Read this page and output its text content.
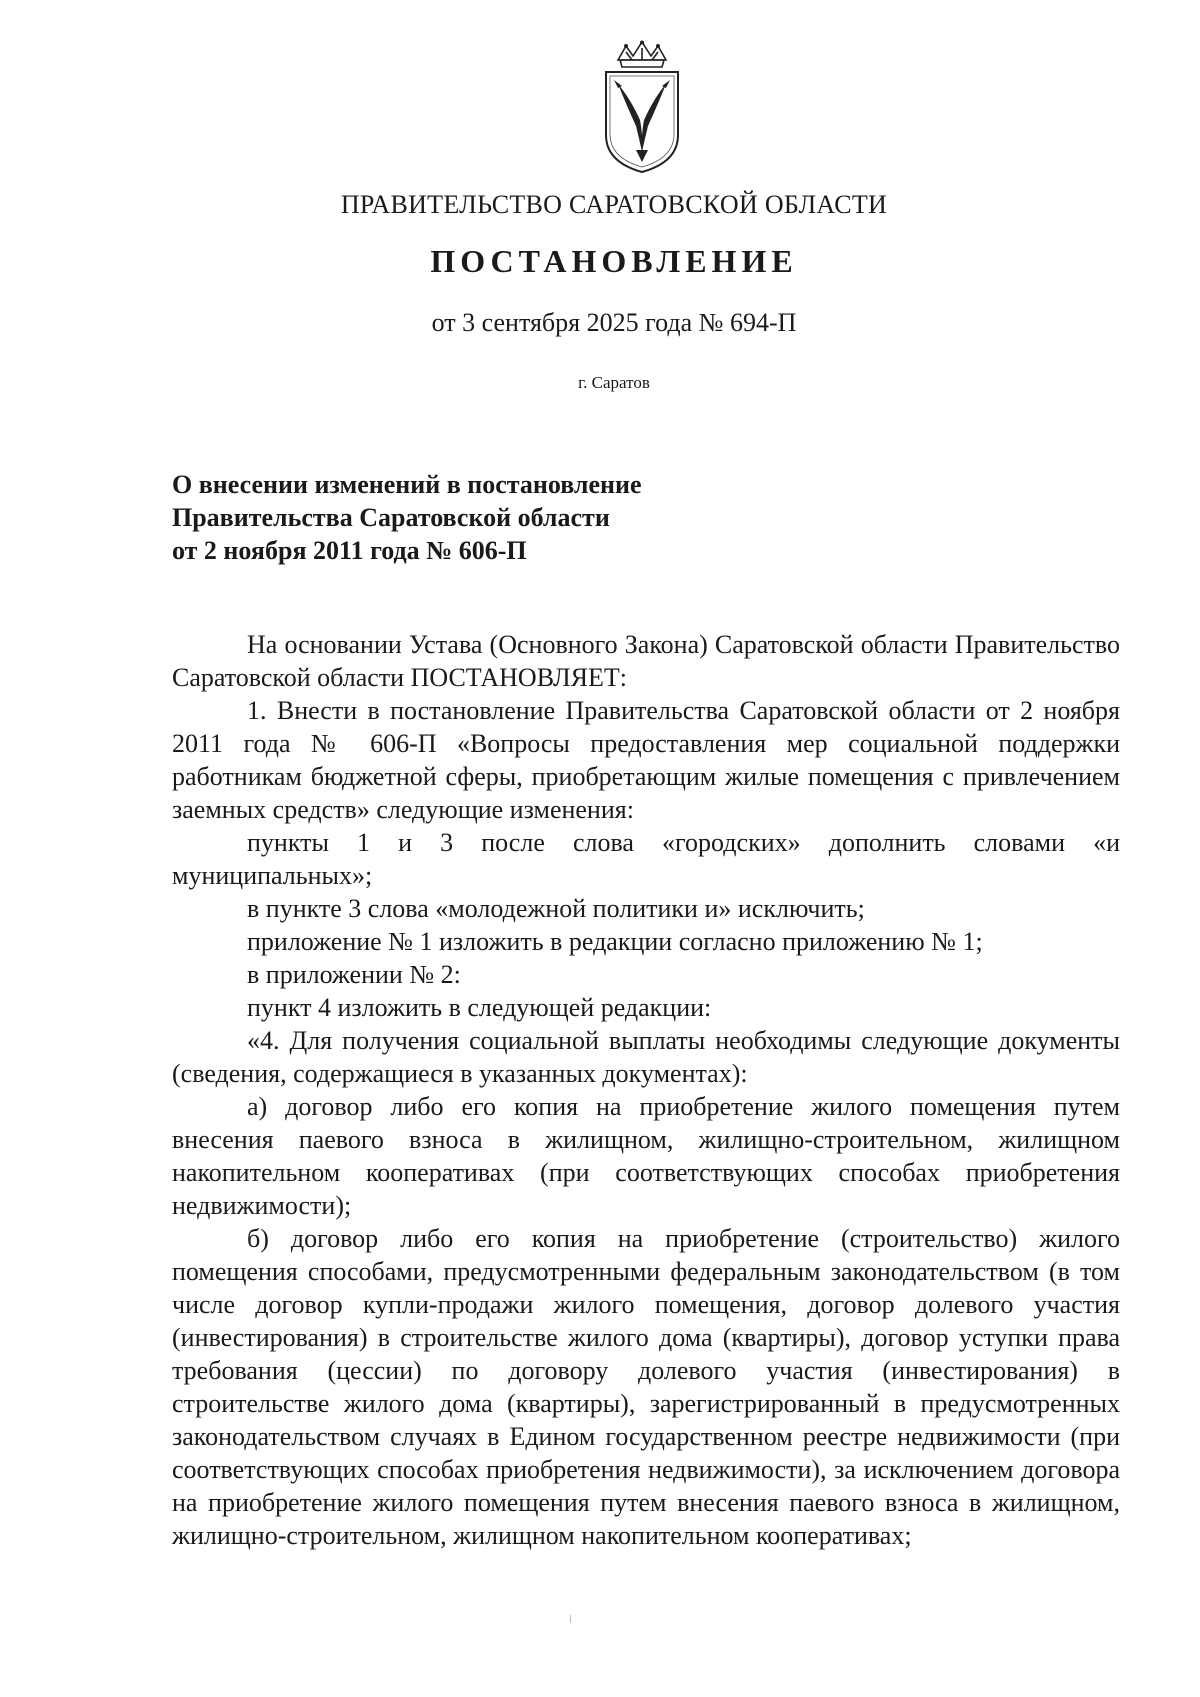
ПРАВИТЕЛЬСТВО САРАТОВСКОЙ ОБЛАСТИ
ПОСТАНОВЛЕНИЕ
от 3 сентября 2025 года № 694-П
г. Саратов
О внесении изменений в постановление
Правительства Саратовской области
от 2 ноября 2011 года № 606-П

На основании Устава (Основного Закона) Саратовской области Правительство Саратовской области ПОСТАНОВЛЯЕТ:

1. Внести в постановление Правительства Саратовской области от 2 ноября 2011 года № 606-П «Вопросы предоставления мер социальной поддержки работникам бюджетной сферы, приобретающим жилые помещения с привлечением заемных средств» следующие изменения:

пункты 1 и 3 после слова «городских» дополнить словами «и муниципальных»;

в пункте 3 слова «молодежной политики и» исключить;

приложение № 1 изложить в редакции согласно приложению № 1;

в приложении № 2:

пункт 4 изложить в следующей редакции:

«4. Для получения социальной выплаты необходимы следующие документы (сведения, содержащиеся в указанных документах):

а) договор либо его копия на приобретение жилого помещения путем внесения паевого взноса в жилищном, жилищно-строительном, жилищном накопительном кооперативах (при соответствующих способах приобретения недвижимости);

б) договор либо его копия на приобретение (строительство) жилого помещения способами, предусмотренными федеральным законодательством (в том числе договор купли-продажи жилого помещения, договор долевого участия (инвестирования) в строительстве жилого дома (квартиры), договор уступки права требования (цессии) по договору долевого участия (инвестирования) в строительстве жилого дома (квартиры), зарегистрированный в предусмотренных законодательством случаях в Едином государственном реестре недвижимости (при соответствующих способах приобретения недвижимости), за исключением договора на приобретение жилого помещения путем внесения паевого взноса в жилищном, жилищно-строительном, жилищном накопительном кооперативах;
